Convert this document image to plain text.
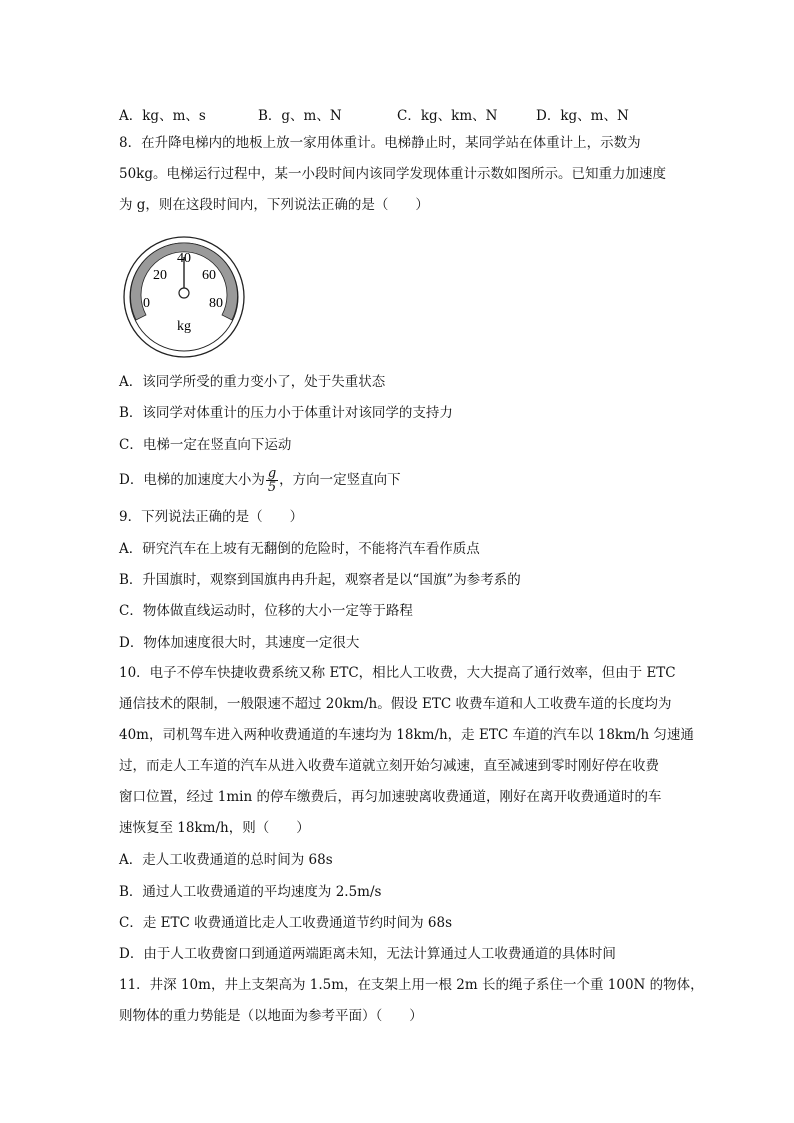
A．kg、m、s	B．g、m、N	C．kg、km、N	D．kg、m、N
8．在升降电梯内的地板上放一家用体重计。电梯静止时，某同学站在体重计上，示数为
50kg。电梯运行过程中，某一小段时间内该同学发现体重计示数如图所示。已知重力加速度
为 g，则在这段时间内，下列说法正确的是（　　）
0
20
40
60
80
kg
A．该同学所受的重力变小了，处于失重状态
B．该同学对体重计的压力小于体重计对该同学的支持力
C．电梯一定在竖直向下运动
D．电梯的加速度大小为 $\frac{g}{5}$ ，方向一定竖直向下
9．下列说法正确的是（　　）
A．研究汽车在上坡有无翻倒的危险时，不能将汽车看作质点
B．升国旗时，观察到国旗冉冉升起，观察者是以“国旗”为参考系的
C．物体做直线运动时，位移的大小一定等于路程
D．物体加速度很大时，其速度一定很大
10．电子不停车快捷收费系统又称 ETC，相比人工收费，大大提高了通行效率，但由于 ETC
通信技术的限制，一般限速不超过 20km/h。假设 ETC 收费车道和人工收费车道的长度均为
40m，司机驾车进入两种收费通道的车速均为 18km/h，走 ETC 车道的汽车以 18km/h 匀速通
过，而走人工车道的汽车从进入收费车道就立刻开始匀减速，直至减速到零时刚好停在收费
窗口位置，经过 1min 的停车缴费后，再匀加速驶离收费通道，刚好在离开收费通道时的车
速恢复至 18km/h，则（　　）
A．走人工收费通道的总时间为 68s
B．通过人工收费通道的平均速度为 2.5m/s
C．走 ETC 收费通道比走人工收费通道节约时间为 68s
D．由于人工收费窗口到通道两端距离未知，无法计算通过人工收费通道的具体时间
11．井深 10m，井上支架高为 1.5m，在支架上用一根 2m 长的绳子系住一个重 100N 的物体，
则物体的重力势能是（以地面为参考平面）（　　）
